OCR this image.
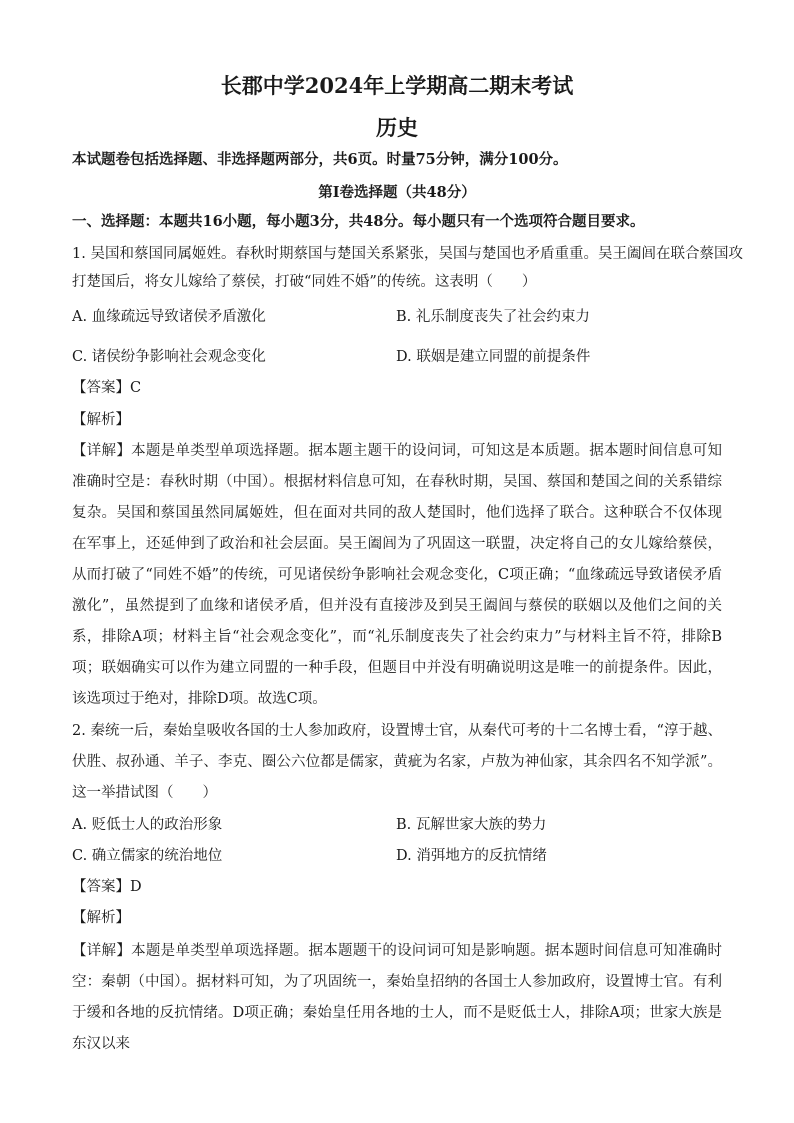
长郡中学2024年上学期高二期末考试
历史
本试题卷包括选择题、非选择题两部分，共6页。时量75分钟，满分100分。
第Ⅰ卷选择题（共48分）
一、选择题：本题共16小题，每小题3分，共48分。每小题只有一个选项符合题目要求。
1. 吴国和蔡国同属姬姓。春秋时期蔡国与楚国关系紧张，吴国与楚国也矛盾重重。吴王阖闾在联合蔡国攻
打楚国后，将女儿嫁给了蔡侯，打破“同姓不婚”的传统。这表明（　　）
A. 血缘疏远导致诸侯矛盾激化	B. 礼乐制度丧失了社会约束力
C. 诸侯纷争影响社会观念变化	D. 联姻是建立同盟的前提条件
【答案】C
【解析】
【详解】本题是单类型单项选择题。据本题主题干的设问词，可知这是本质题。据本题时间信息可知准确时空是：春秋时期（中国）。根据材料信息可知，在春秋时期，吴国、蔡国和楚国之间的关系错综复杂。吴国和蔡国虽然同属姬姓，但在面对共同的敌人楚国时，他们选择了联合。这种联合不仅体现在军事上，还延伸到了政治和社会层面。吴王阖闾为了巩固这一联盟，决定将自己的女儿嫁给蔡侯，从而打破了“同姓不婚”的传统，可见诸侯纷争影响社会观念变化，C项正确；“血缘疏远导致诸侯矛盾激化”，虽然提到了血缘和诸侯矛盾，但并没有直接涉及到吴王阖闾与蔡侯的联姻以及他们之间的关系，排除A项；材料主旨“社会观念变化”，而“礼乐制度丧失了社会约束力”与材料主旨不符，排除B项；联姻确实可以作为建立同盟的一种手段，但题目中并没有明确说明这是唯一的前提条件。因此，该选项过于绝对，排除D项。故选C项。
2. 秦统一后，秦始皇吸收各国的士人参加政府，设置博士官，从秦代可考的十二名博士看，“淳于越、伏胜、叔孙通、羊子、李克、圈公六位都是儒家，黄疵为名家，卢敖为神仙家，其余四名不知学派”。这一举措试图（　　）
A. 贬低士人的政治形象	B. 瓦解世家大族的势力
C. 确立儒家的统治地位	D. 消弭地方的反抗情绪
【答案】D
【解析】
【详解】本题是单类型单项选择题。据本题题干的设问词可知是影响题。据本题时间信息可知准确时空：秦朝（中国）。据材料可知，为了巩固统一，秦始皇招纳的各国士人参加政府，设置博士官。有利于缓和各地的反抗情绪。D项正确；秦始皇任用各地的士人，而不是贬低士人，排除A项；世家大族是东汉以来
